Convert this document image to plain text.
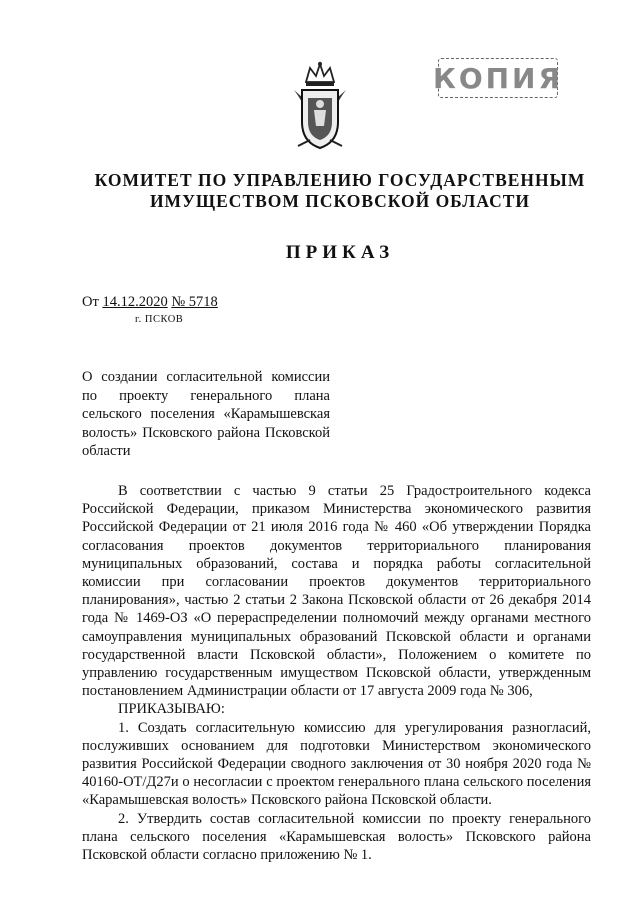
КОПИЯ
КОМИТЕТ ПО УПРАВЛЕНИЮ ГОСУДАРСТВЕННЫМ
ИМУЩЕСТВОМ ПСКОВСКОЙ ОБЛАСТИ
ПРИКАЗ
От 14.12.2020 № 5718
г. ПСКОВ
О создании согласительной комиссии по проекту генерального плана сельского поселения «Карамышевская волость» Псковского района Псковской области

В соответствии с частью 9 статьи 25 Градостроительного кодекса Российской Федерации, приказом Министерства экономического развития Российской Федерации от 21 июля 2016 года № 460 «Об утверждении Порядка согласования проектов документов территориального планирования муниципальных образований, состава и порядка работы согласительной комиссии при согласовании проектов документов территориального планирования», частью 2 статьи 2 Закона Псковской области от 26 декабря 2014 года № 1469-ОЗ «О перераспределении полномочий между органами местного самоуправления муниципальных образований Псковской области и органами государственной власти Псковской области», Положением о комитете по управлению государственным имуществом Псковской области, утвержденным постановлением Администрации области от 17 августа 2009 года № 306,

ПРИКАЗЫВАЮ:

1. Создать согласительную комиссию для урегулирования разногласий, послуживших основанием для подготовки Министерством экономического развития Российской Федерации сводного заключения от 30 ноября 2020 года № 40160-ОТ/Д27и о несогласии с проектом генерального плана сельского поселения «Карамышевская волость» Псковского района Псковской области.

2. Утвердить состав согласительной комиссии по проекту генерального плана сельского поселения «Карамышевская волость» Псковского района Псковской области согласно приложению № 1.
